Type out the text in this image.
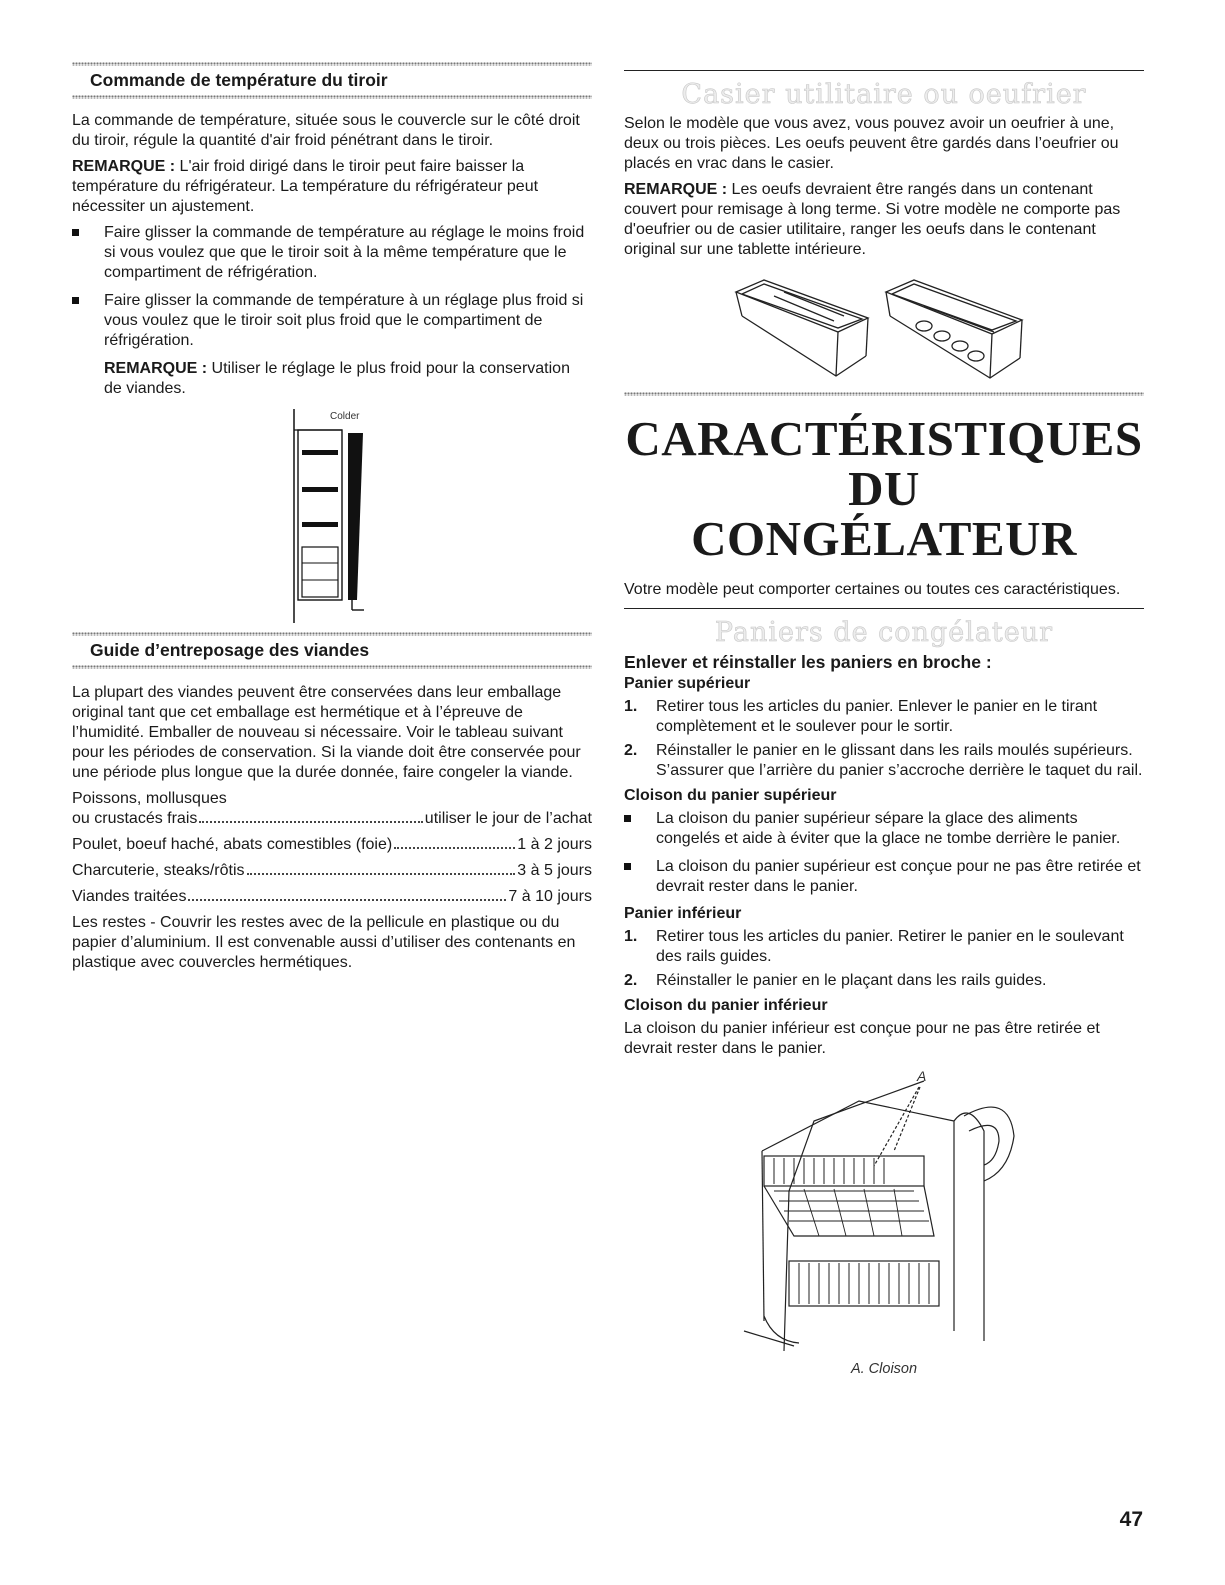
Commande de température du tiroir

La commande de température, située sous le couvercle sur le côté droit du tiroir, régule la quantité d'air froid pénétrant dans le tiroir.

REMARQUE : L'air froid dirigé dans le tiroir peut faire baisser la température du réfrigérateur. La température du réfrigérateur peut nécessiter un ajustement.

Faire glisser la commande de température au réglage le moins froid si vous voulez que que le tiroir soit à la même température que le compartiment de réfrigération.
Faire glisser la commande de température à un réglage plus froid si vous voulez que le tiroir soit plus froid que le compartiment de réfrigération.

REMARQUE : Utiliser le réglage le plus froid pour la conservation de viandes.

Colder
Guide d’entreposage des viandes

La plupart des viandes peuvent être conservées dans leur emballage original tant que cet emballage est hermétique et à l’épreuve de l’humidité. Emballer de nouveau si nécessaire. Voir le tableau suivant pour les périodes de conservation. Si la viande doit être conservée pour une période plus longue que la durée donnée, faire congeler la viande.

Poissons, mollusques
ou crustacés frais	utiliser le jour de l’achat
Poulet, boeuf haché, abats comestibles (foie)	1 à 2 jours
Charcuterie, steaks/rôtis	3 à 5 jours
Viandes traitées	7 à 10 jours

Les restes - Couvrir les restes avec de la pellicule en plastique ou du papier d’aluminium. Il est convenable aussi d’utiliser des contenants en plastique avec couvercles hermétiques.

Casier utilitaire ou oeufrier

Selon le modèle que vous avez, vous pouvez avoir un oeufrier à une, deux ou trois pièces. Les oeufs peuvent être gardés dans l’oeufrier ou placés en vrac dans le casier.

REMARQUE : Les oeufs devraient être rangés dans un contenant couvert pour remisage à long terme. Si votre modèle ne comporte pas d'oeufrier ou de casier utilitaire, ranger les oeufs dans le contenant original sur une tablette intérieure.

CARACTÉRISTIQUES DU
CONGÉLATEUR

Votre modèle peut comporter certaines ou toutes ces caractéristiques.

Paniers de congélateur
Enlever et réinstaller les paniers en broche :
Panier supérieur
1. Retirer tous les articles du panier. Enlever le panier en le tirant complètement et le soulever pour le sortir.
2. Réinstaller le panier en le glissant dans les rails moulés supérieurs. S’assurer que l’arrière du panier s’accroche derrière le taquet du rail.
Cloison du panier supérieur
La cloison du panier supérieur sépare la glace des aliments congelés et aide à éviter que la glace ne tombe derrière le panier.
La cloison du panier supérieur est conçue pour ne pas être retirée et devrait rester dans le panier.
Panier inférieur
1. Retirer tous les articles du panier. Retirer le panier en le soulevant des rails guides.
2. Réinstaller le panier en le plaçant dans les rails guides.
Cloison du panier inférieur

La cloison du panier inférieur est conçue pour ne pas être retirée et devrait rester dans le panier.

A
A. Cloison
47
